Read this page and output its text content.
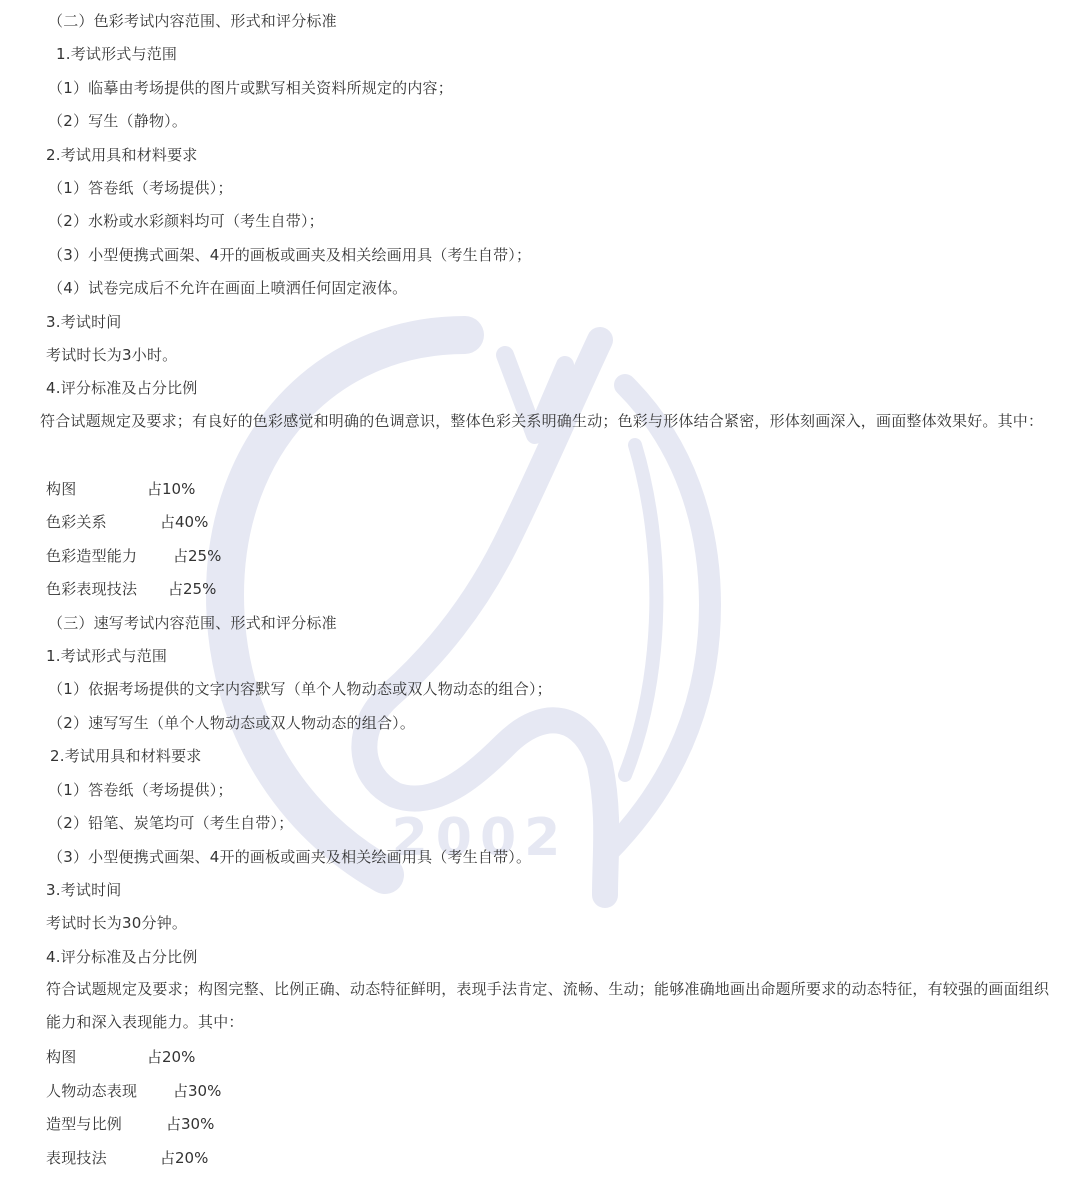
2002
（二）色彩考试内容范围、形式和评分标准
1.考试形式与范围
（1）临摹由考场提供的图片或默写相关资料所规定的内容；
（2）写生（静物）。
2.考试用具和材料要求
（1）答卷纸（考场提供）；
（2）水粉或水彩颜料均可（考生自带）；
（3）小型便携式画架、4开的画板或画夹及相关绘画用具（考生自带）；
（4）试卷完成后不允许在画面上喷洒任何固定液体。
3.考试时间
考试时长为3小时。
4.评分标准及占分比例
符合试题规定及要求；有良好的色彩感觉和明确的色调意识，整体色彩关系明确生动；色彩与形体结合紧密，形体刻画深入，画面整体效果好。其中：
构图	占10%
色彩关系	占40%
色彩造型能力 占25%
色彩表现技法 占25%
（三）速写考试内容范围、形式和评分标准
1.考试形式与范围
（1）依据考场提供的文字内容默写（单个人物动态或双人物动态的组合）；
（2）速写写生（单个人物动态或双人物动态的组合）。
2.考试用具和材料要求
（1）答卷纸（考场提供）；
（2）铅笔、炭笔均可（考生自带）；
（3）小型便携式画架、4开的画板或画夹及相关绘画用具（考生自带）。
3.考试时间
考试时长为30分钟。
4.评分标准及占分比例
符合试题规定及要求；构图完整、比例正确、动态特征鲜明，表现手法肯定、流畅、生动；能够准确地画出命题所要求的动态特征，有较强的画面组织能力和深入表现能力。其中：
构图	占20%
人物动态表现 占30%
造型与比例	占30%
表现技法	占20%
